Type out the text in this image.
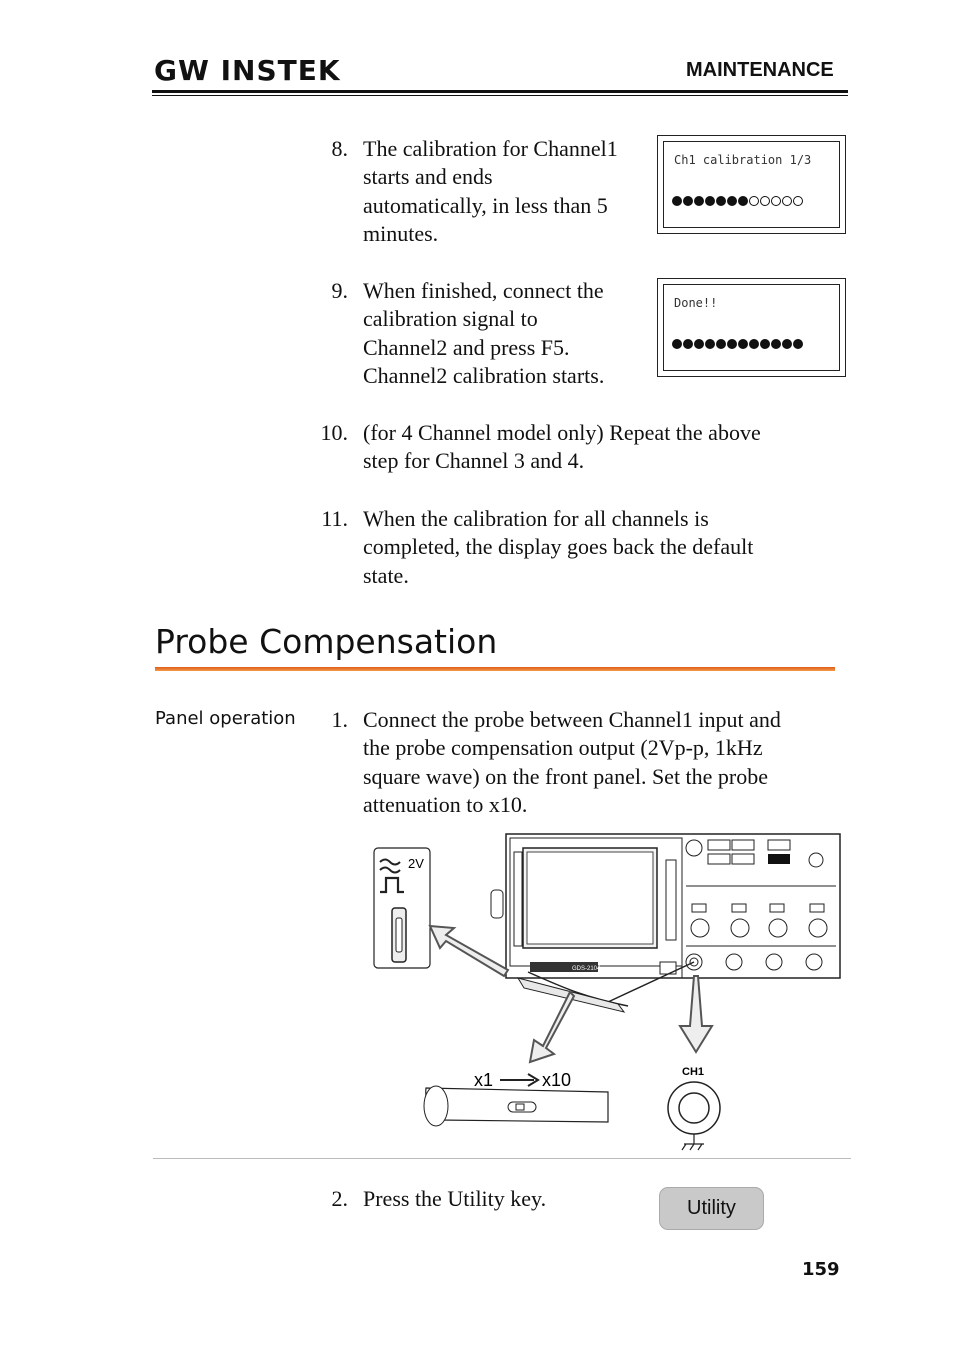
GW INSTEK	MAINTENANCE
8. The calibration for Channel1
starts and ends
automatically, in less than 5
minutes.
Ch1 calibration 1/3
9. When finished, connect the
calibration signal to
Channel2 and press F5.
Channel2 calibration starts.
Done!!
10. (for 4 Channel model only) Repeat the above
step for Channel 3 and 4.
11. When the calibration for all channels is
completed, the display goes back the default
state.
Probe Compensation
Panel operation	1. Connect the probe between Channel1 input and
the probe compensation output (2Vp-p, 1kHz
square wave) on the front panel. Set the probe
attenuation to x10.
2V
GDS-2104
x1	x10	CH1
2. Press the Utility key.	Utility
159
